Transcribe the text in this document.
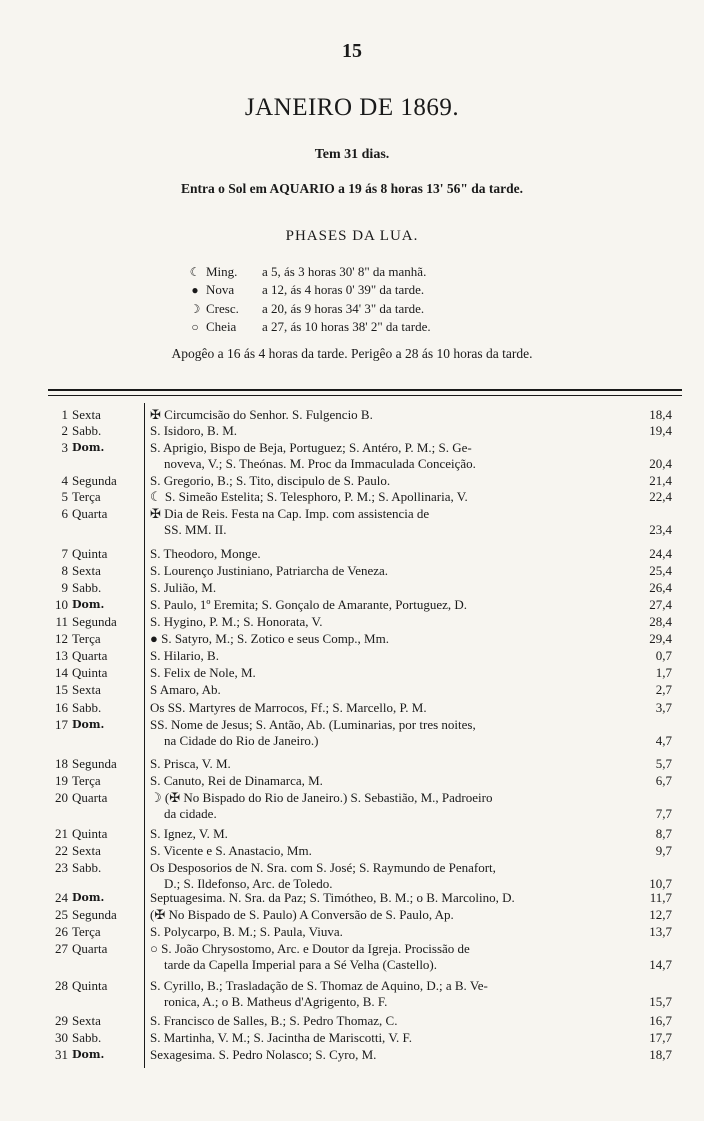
15
JANEIRO DE 1869.
Tem 31 dias.
Entra o Sol em AQUARIO a 19 ás 8 horas 13' 56" da tarde.
PHASES DA LUA.
☾ Ming.	a 5, ás 3 horas 30' 8" da manhã.
● Nova	a 12, ás 4 horas 0' 39" da tarde.
☽ Cresc.	a 20, ás 9 horas 34' 3" da tarde.
○ Cheia	a 27, ás 10 horas 38' 2" da tarde.
Apogêo a 16 ás 4 horas da tarde. Perigêo a 28 ás 10 horas da tarde.
1 Sexta	✠ Circumcisão do Senhor. S. Fulgencio B.	18,4
2 Sabb.	S. Isidoro, B. M.	19,4
3 Dom.	S. Aprigio, Bispo de Beja, Portuguez; S. Antéro, P. M.; S. Ge-
noveva, V.; S. Theónas. M. Proc da Immaculada Conceição.	20,4
4 Segunda	S. Gregorio, B.; S. Tito, discipulo de S. Paulo.	21,4
5 Terça	☾ S. Simeão Estelita; S. Telesphoro, P. M.; S. Apollinaria, V.	22,4
6 Quarta	✠ Dia de Reis. Festa na Cap. Imp. com assistencia de
SS. MM. II.	23,4
7 Quinta	S. Theodoro, Monge.	24,4
8 Sexta	S. Lourenço Justiniano, Patriarcha de Veneza.	25,4
9 Sabb.	S. Julião, M.	26,4
10 Dom.	S. Paulo, 1º Eremita; S. Gonçalo de Amarante, Portuguez, D.	27,4
11 Segunda	S. Hygino, P. M.; S. Honorata, V.	28,4
12 Terça	● S. Satyro, M.; S. Zotico e seus Comp., Mm.	29,4
13 Quarta	S. Hilario, B.	0,7
14 Quinta	S. Felix de Nole, M.	1,7
15 Sexta	S Amaro, Ab.	2,7
16 Sabb.	Os SS. Martyres de Marrocos, Ff.; S. Marcello, P. M.	3,7
17 Dom.	SS. Nome de Jesus; S. Antão, Ab. (Luminarias, por tres noites,
na Cidade do Rio de Janeiro.)	4,7
18 Segunda	S. Prisca, V. M.	5,7
19 Terça	S. Canuto, Rei de Dinamarca, M.	6,7
20 Quarta	☽ (✠ No Bispado do Rio de Janeiro.) S. Sebastião, M., Padroeiro
da cidade.	7,7
21 Quinta	S. Ignez, V. M.	8,7
22 Sexta	S. Vicente e S. Anastacio, Mm.	9,7
23 Sabb.	Os Desposorios de N. Sra. com S. José; S. Raymundo de Penafort,
D.; S. Ildefonso, Arc. de Toledo.	10,7
24 Dom.	Septuagesima. N. Sra. da Paz; S. Timótheo, B. M.; o B. Marcolino, D.	11,7
25 Segunda	(✠ No Bispado de S. Paulo) A Conversão de S. Paulo, Ap.	12,7
26 Terça	S. Polycarpo, B. M.; S. Paula, Viuva.	13,7
27 Quarta	○ S. João Chrysostomo, Arc. e Doutor da Igreja. Procissão de
tarde da Capella Imperial para a Sé Velha (Castello).	14,7
28 Quinta	S. Cyrillo, B.; Trasladação de S. Thomaz de Aquino, D.; a B. Ve-
ronica, A.; o B. Matheus d'Agrigento, B. F.	15,7
29 Sexta	S. Francisco de Salles, B.; S. Pedro Thomaz, C.	16,7
30 Sabb.	S. Martinha, V. M.; S. Jacintha de Mariscotti, V. F.	17,7
31 Dom.	Sexagesima. S. Pedro Nolasco; S. Cyro, M.	18,7
